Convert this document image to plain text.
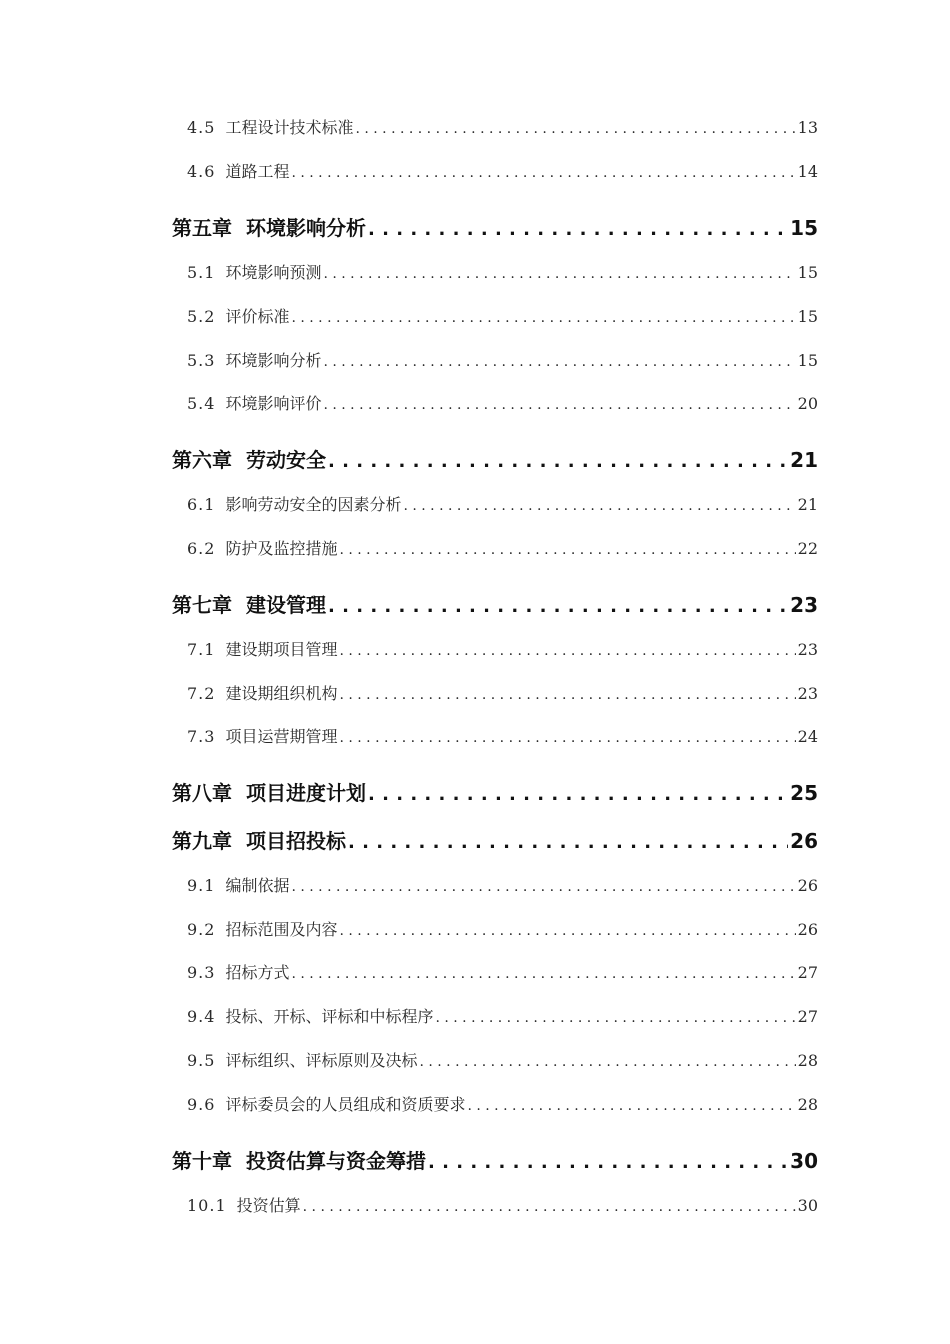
4.5 工程设计技术标准 . . .	13
4.6 道路工程 . . .	14
第五章 环境影响分析 . . .	15
5.1 环境影响预测 . . .	15
5.2 评价标准 . . .	15
5.3 环境影响分析 . . .	15
5.4 环境影响评价 . . .	20
第六章 劳动安全 . . .	21
6.1 影响劳动安全的因素分析 . . .	21
6.2 防护及监控措施 . . .	22
第七章 建设管理 . . .	23
7.1 建设期项目管理 . . .	23
7.2 建设期组织机构 . . .	23
7.3 项目运营期管理 . . .	24
第八章 项目进度计划 . . .	25
第九章 项目招投标 . . .	26
9.1 编制依据 . . .	26
9.2 招标范围及内容 . . .	26
9.3 招标方式 . . .	27
9.4 投标、开标、评标和中标程序 . . .	27
9.5 评标组织、评标原则及决标 . . .	28
9.6 评标委员会的人员组成和资质要求 . . .	28
第十章 投资估算与资金筹措 . . .	30
10.1 投资估算 . . .	30
